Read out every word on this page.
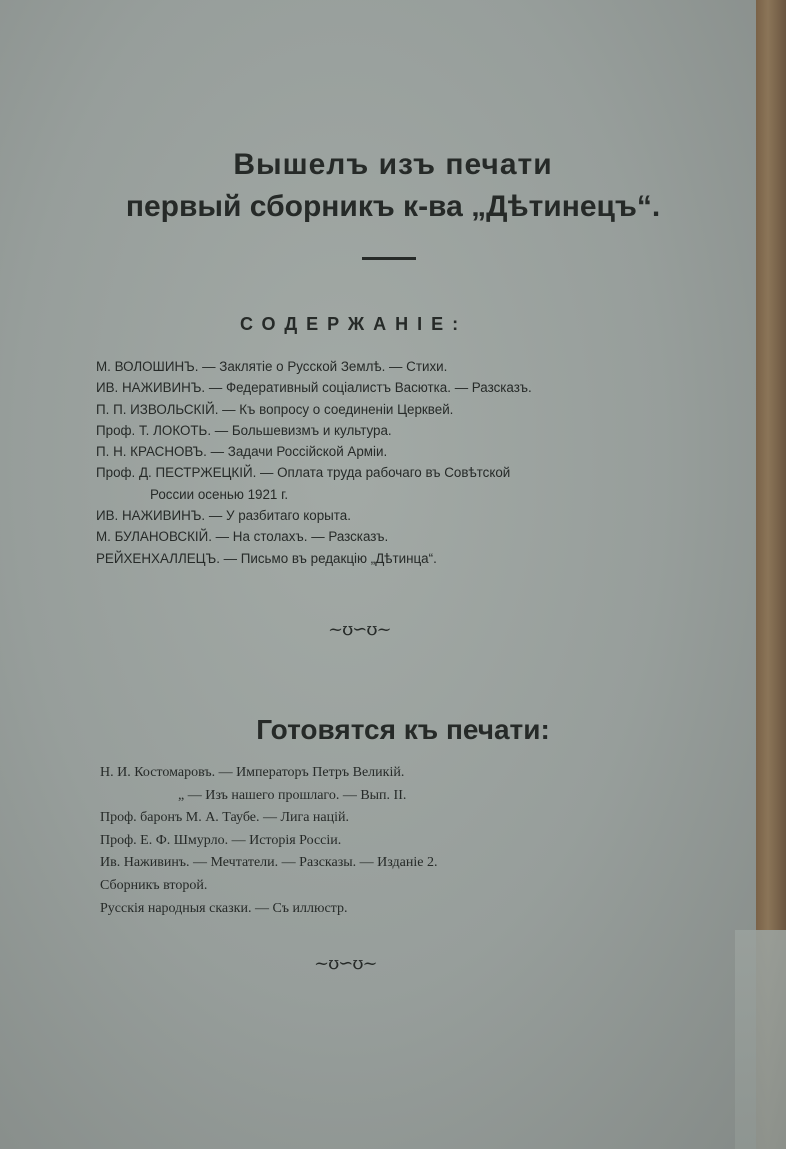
Вышелъ изъ печати
первый сборникъ к-ва „Дѣтинецъ“.
СОДЕРЖАНІЕ:
М. ВОЛОШИНЪ. — Заклятіе о Русской Землѣ. — Стихи.
ИВ. НАЖИВИНЪ. — Федеративный соціалистъ Васютка. — Разсказъ.
П. П. ИЗВОЛЬСКІЙ. — Къ вопросу о соединеніи Церквей.
Проф. Т. ЛОКОТЬ. — Большевизмъ и культура.
П. Н. КРАСНОВЪ. — Задачи Россійской Арміи.
Проф. Д. ПЕСТРЖЕЦКІЙ. — Оплата труда рабочаго въ Совѣтской
России осенью 1921 г.
ИВ. НАЖИВИНЪ. — У разбитаго корыта.
М. БУЛАНОВСКІЙ. — На столахъ. — Разсказъ.
РЕЙХЕНХАЛЛЕЦЪ. — Письмо въ редакцію „Дѣтинца“.
~ʊ∽ʊ~
Готовятся къ печати:
Н. И. Костомаровъ. — Императоръ Петръ Великій.
„ — Изъ нашего прошлаго. — Вып. II.
Проф. баронъ М. А. Таубе. — Лига націй.
Проф. Е. Ф. Шмурло. — Исторія Россіи.
Ив. Наживинъ. — Мечтатели. — Разсказы. — Изданіе 2.
Сборникъ второй.
Русскія народныя сказки. — Съ иллюстр.
~ʊ∽ʊ~
